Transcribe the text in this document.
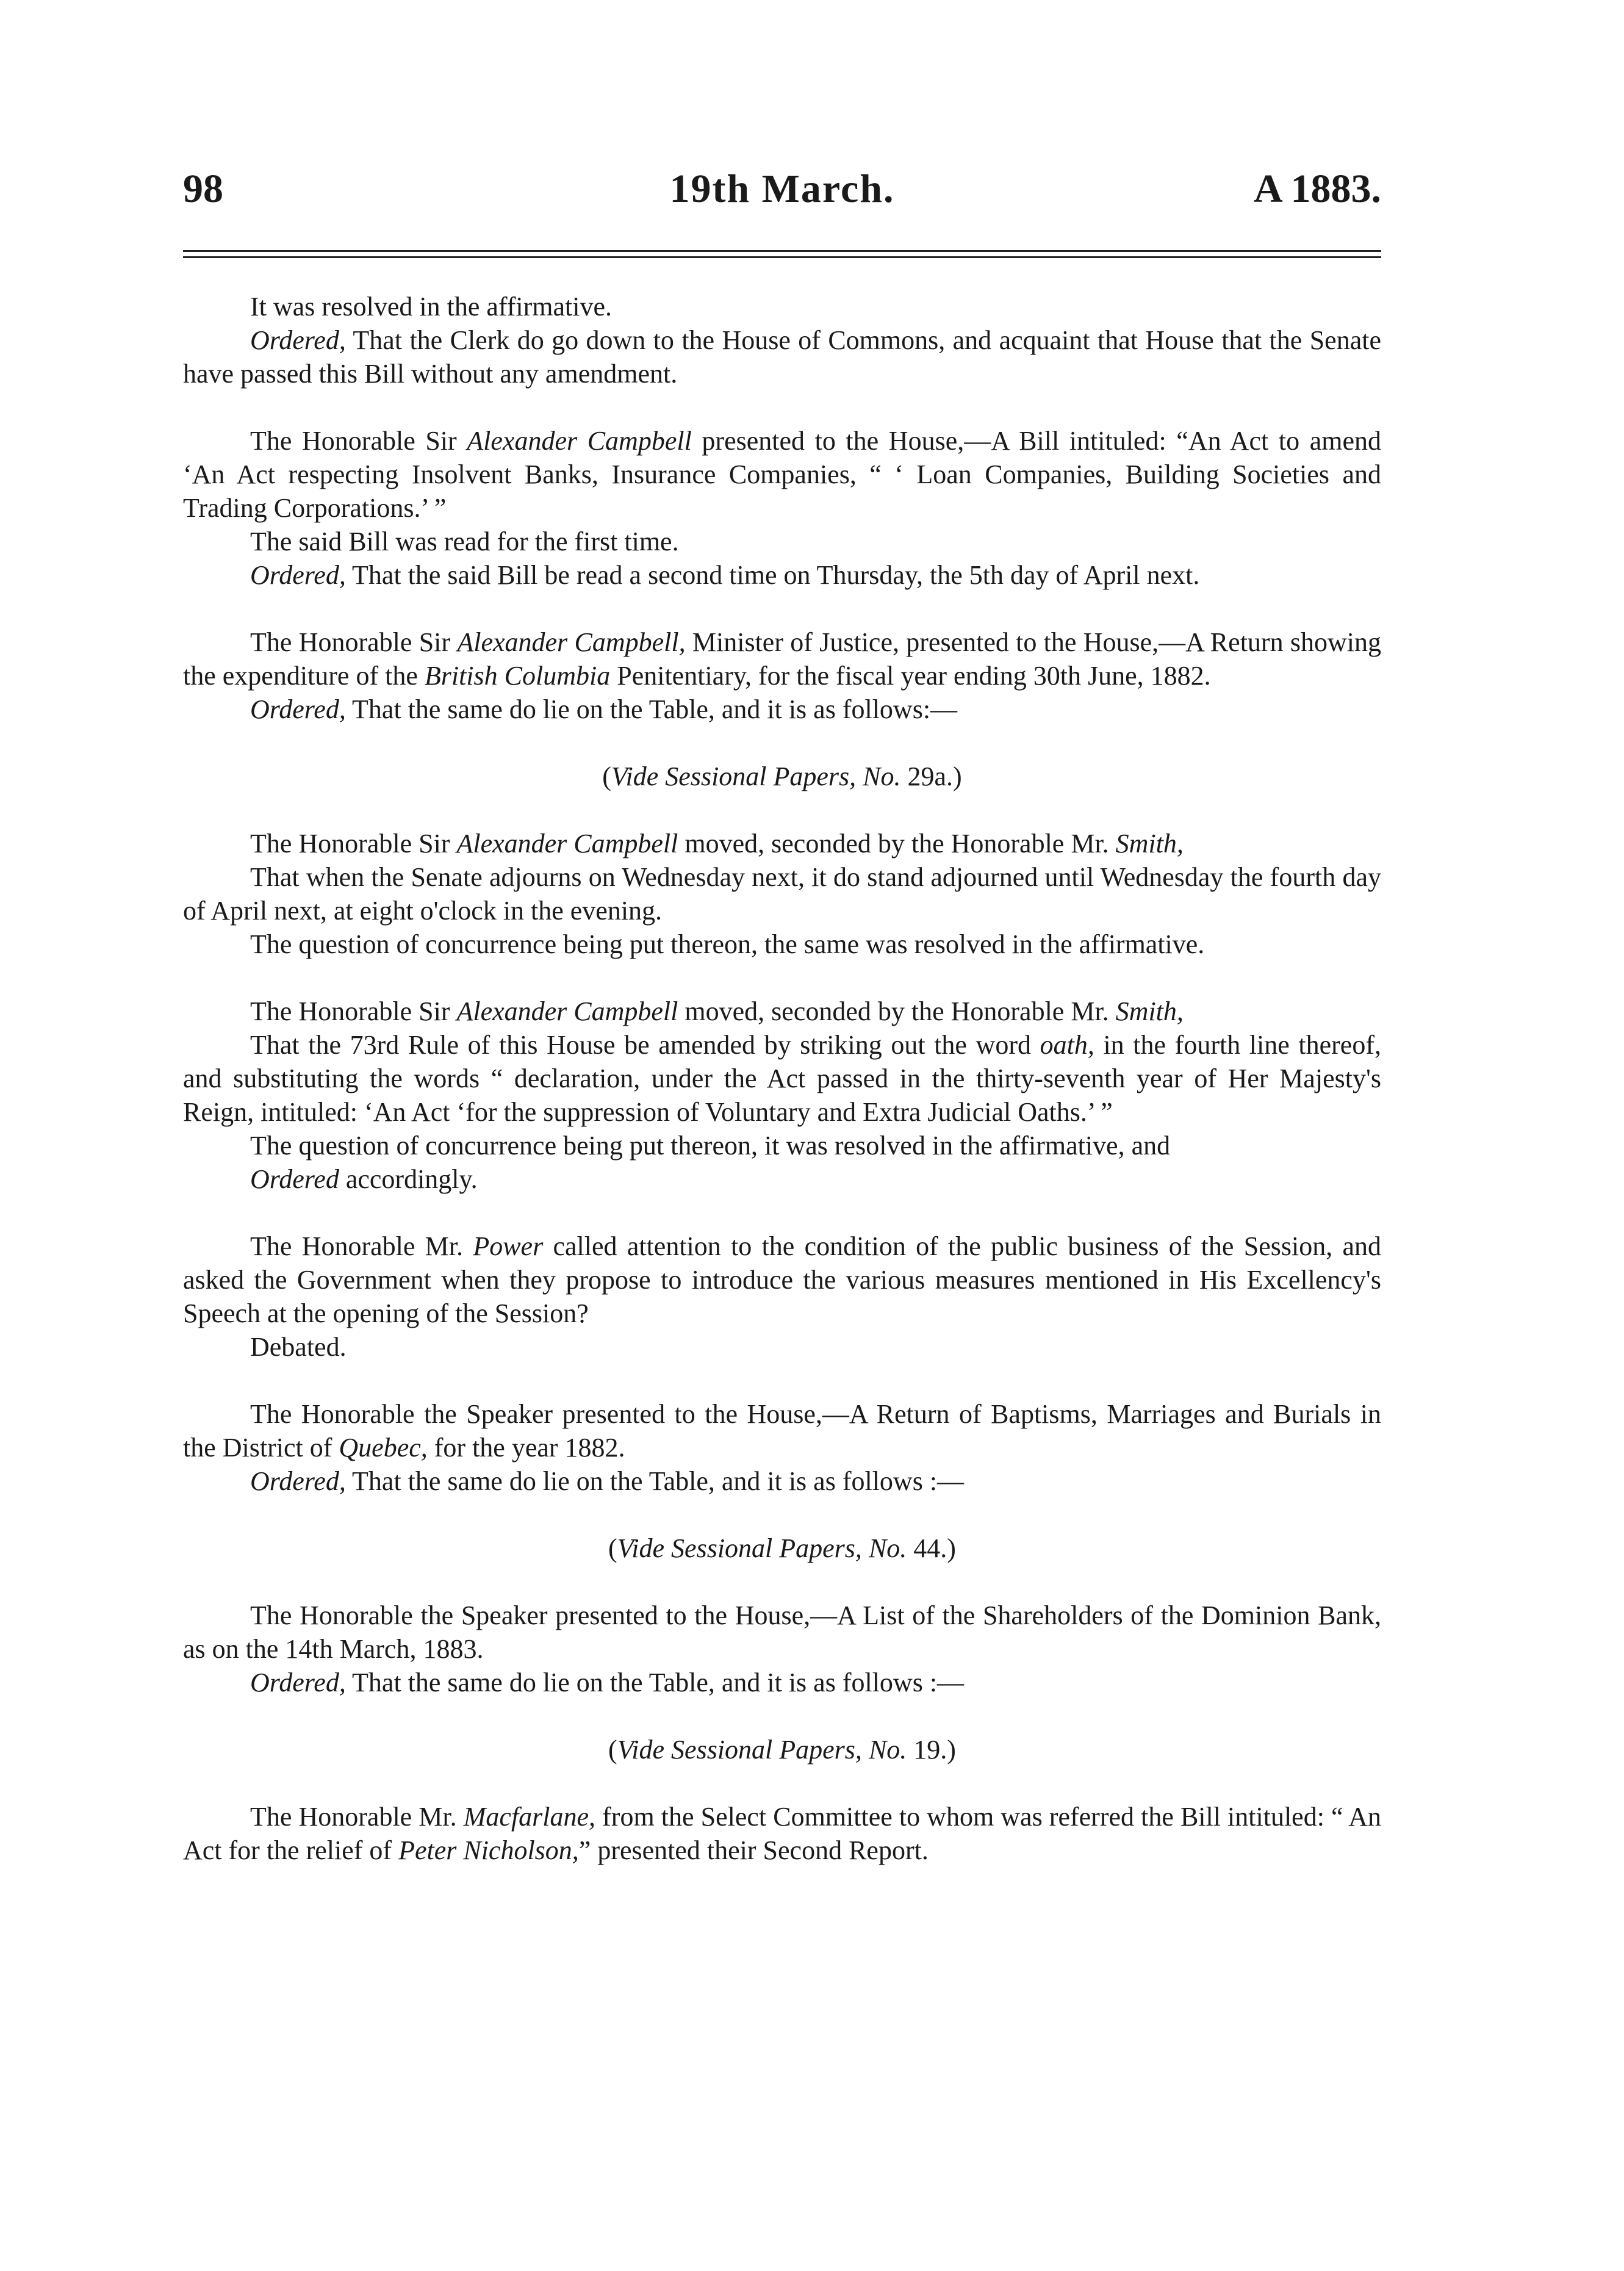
98	19th March.	A 1883.

It was resolved in the affirmative.

Ordered, That the Clerk do go down to the House of Commons, and acquaint that House that the Senate have passed this Bill without any amendment.

The Honorable Sir Alexander Campbell presented to the House,—A Bill intituled: “An Act to amend ‘An Act respecting Insolvent Banks, Insurance Companies, “ ‘ Loan Companies, Building Societies and Trading Corporations.’ ”

The said Bill was read for the first time.

Ordered, That the said Bill be read a second time on Thursday, the 5th day of April next.

The Honorable Sir Alexander Campbell, Minister of Justice, presented to the House,—A Return showing the expenditure of the British Columbia Penitentiary, for the fiscal year ending 30th June, 1882.

Ordered, That the same do lie on the Table, and it is as follows:—

(Vide Sessional Papers, No. 29a.)

The Honorable Sir Alexander Campbell moved, seconded by the Honorable Mr. Smith,

That when the Senate adjourns on Wednesday next, it do stand adjourned until Wednesday the fourth day of April next, at eight o'clock in the evening.

The question of concurrence being put thereon, the same was resolved in the affirmative.

The Honorable Sir Alexander Campbell moved, seconded by the Honorable Mr. Smith,

That the 73rd Rule of this House be amended by striking out the word oath, in the fourth line thereof, and substituting the words “ declaration, under the Act passed in the thirty-seventh year of Her Majesty's Reign, intituled: ‘An Act ‘for the suppression of Voluntary and Extra Judicial Oaths.’ ”

The question of concurrence being put thereon, it was resolved in the affirmative, and

Ordered accordingly.

The Honorable Mr. Power called attention to the condition of the public business of the Session, and asked the Government when they propose to introduce the various measures mentioned in His Excellency's Speech at the opening of the Session?

Debated.

The Honorable the Speaker presented to the House,—A Return of Baptisms, Marriages and Burials in the District of Quebec, for the year 1882.

Ordered, That the same do lie on the Table, and it is as follows :—

(Vide Sessional Papers, No. 44.)

The Honorable the Speaker presented to the House,—A List of the Shareholders of the Dominion Bank, as on the 14th March, 1883.

Ordered, That the same do lie on the Table, and it is as follows :—

(Vide Sessional Papers, No. 19.)

The Honorable Mr. Macfarlane, from the Select Committee to whom was referred the Bill intituled: “ An Act for the relief of Peter Nicholson,” presented their Second Report.
